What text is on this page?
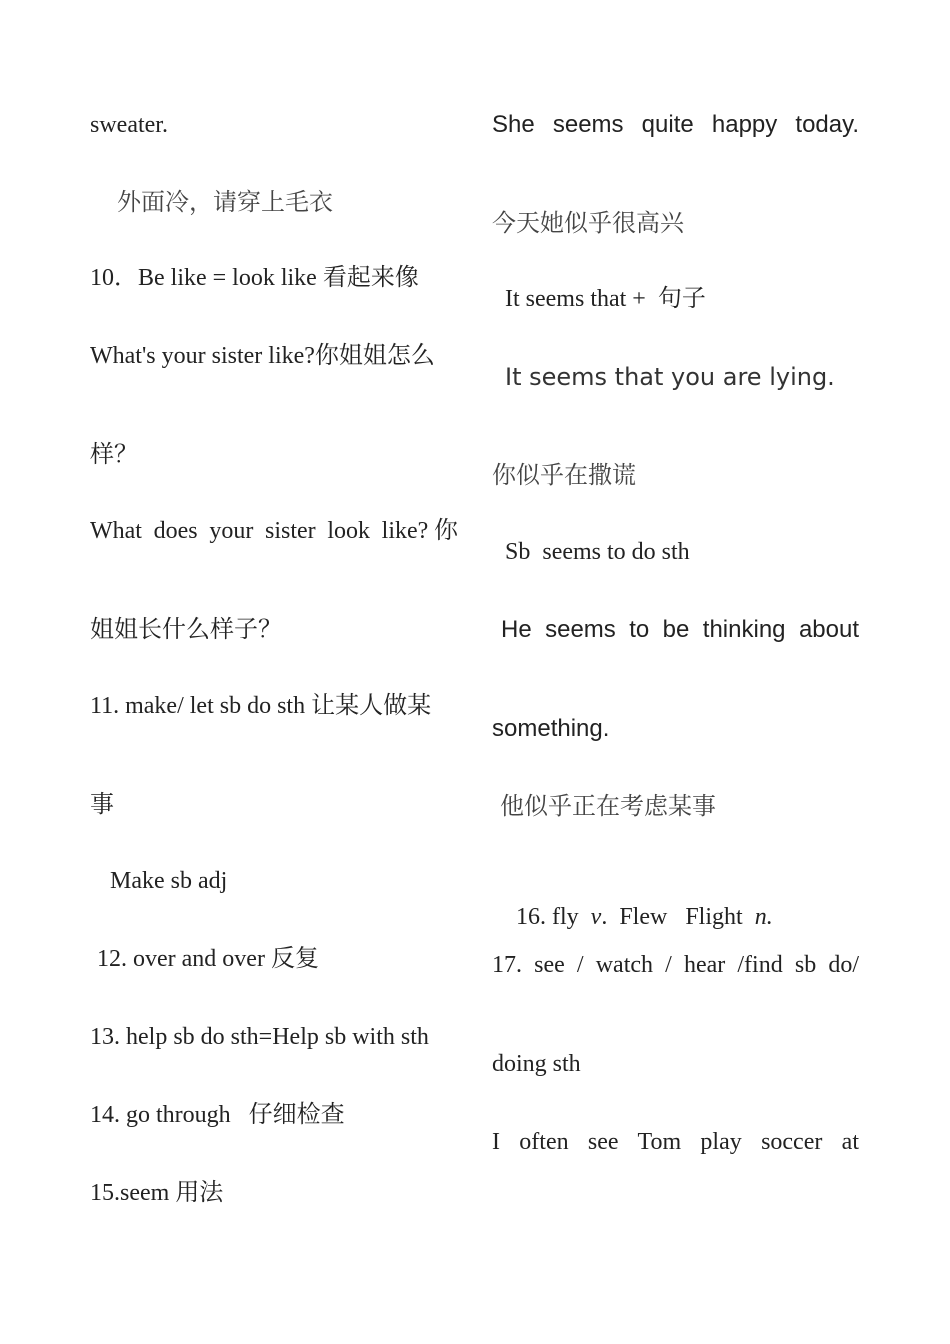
sweater.
外面冷，请穿上毛衣
10．Be like = look like 看起来像
What's your sister like?你姐姐怎么
样？
What does your sister look like?你
姐姐长什么样子？
11. make/ let sb do sth 让某人做某
事
Make sb adj
12. over and over 反复
13. help sb do sth=Help sb with sth
14. go through   仔细检查
15.seem 用法
She seems quite happy today.
今天她似乎很高兴
It seems that +  句子
It seems that you are lying.
你似乎在撒谎
Sb  seems to do sth
He seems to be thinking about
something.
他似乎正在考虑某事

16. fly  v.  Flew   Flight  n.

17. see / watch / hear /find sb do/
doing sth
I often see Tom play soccer at
